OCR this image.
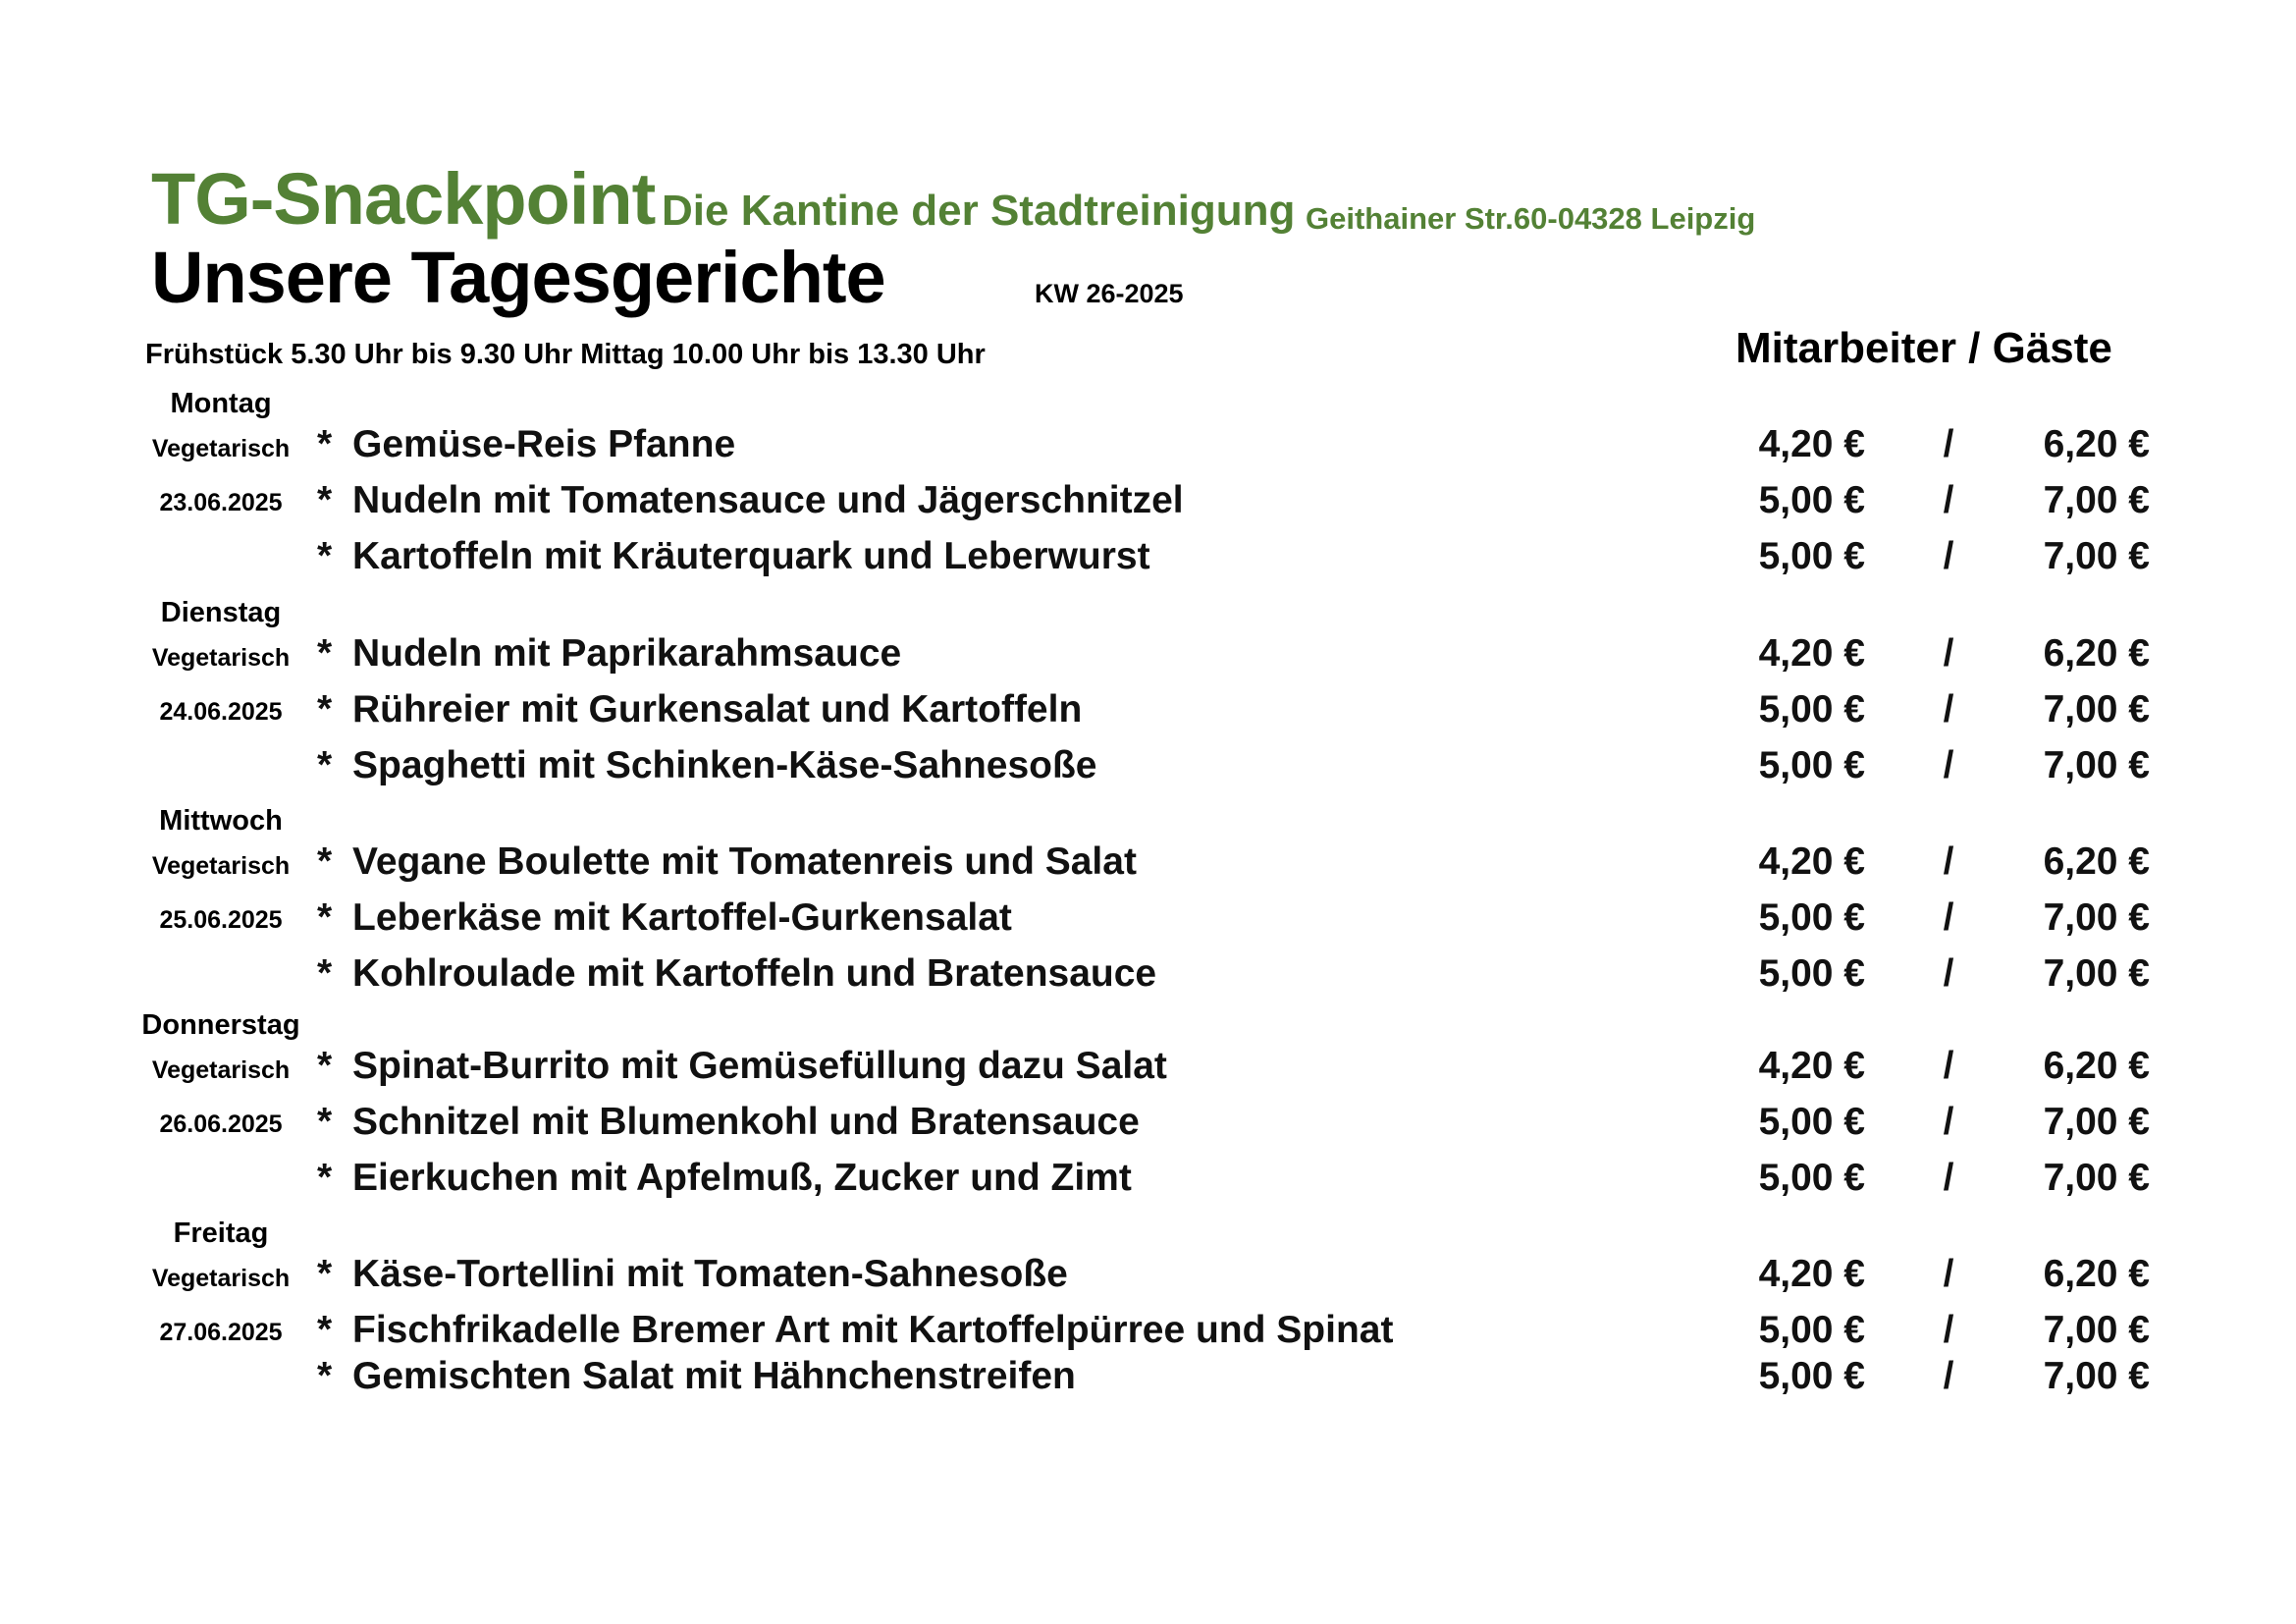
TG-Snackpoint Die Kantine der Stadtreinigung Geithainer Str.60-04328 Leipzig
Unsere Tagesgerichte	KW 26-2025
Frühstück 5.30 Uhr bis 9.30 Uhr Mittag 10.00 Uhr bis 13.30 Uhr	Mitarbeiter / Gäste
Montag
Vegetarisch
23.06.2025
* Gemüse-Reis Pfanne	4,20 € /	6,20 €
* Nudeln mit Tomatensauce und Jägerschnitzel	5,00 € /	7,00 €
* Kartoffeln mit Kräuterquark und Leberwurst	5,00 € /	7,00 €
Dienstag
Vegetarisch
24.06.2025
* Nudeln mit Paprikarahmsauce	4,20 € /	6,20 €
* Rühreier mit Gurkensalat und Kartoffeln	5,00 € /	7,00 €
* Spaghetti mit Schinken-Käse-Sahnesoße	5,00 € /	7,00 €
Mittwoch
Vegetarisch
25.06.2025
* Vegane Boulette mit Tomatenreis und Salat	4,20 € /	6,20 €
* Leberkäse mit Kartoffel-Gurkensalat	5,00 € /	7,00 €
* Kohlroulade mit Kartoffeln und Bratensauce	5,00 € /	7,00 €
Donnerstag
Vegetarisch
26.06.2025
* Spinat-Burrito mit Gemüsefüllung dazu Salat	4,20 € /	6,20 €
* Schnitzel mit Blumenkohl und Bratensauce	5,00 € /	7,00 €
* Eierkuchen mit Apfelmuß, Zucker und Zimt	5,00 € /	7,00 €
Freitag
Vegetarisch
27.06.2025
* Käse-Tortellini mit Tomaten-Sahnesoße	4,20 € /	6,20 €
* Fischfrikadelle Bremer Art mit Kartoffelpürree und Spinat	5,00 € /	7,00 €
* Gemischten Salat mit Hähnchenstreifen	5,00 € /	7,00 €
